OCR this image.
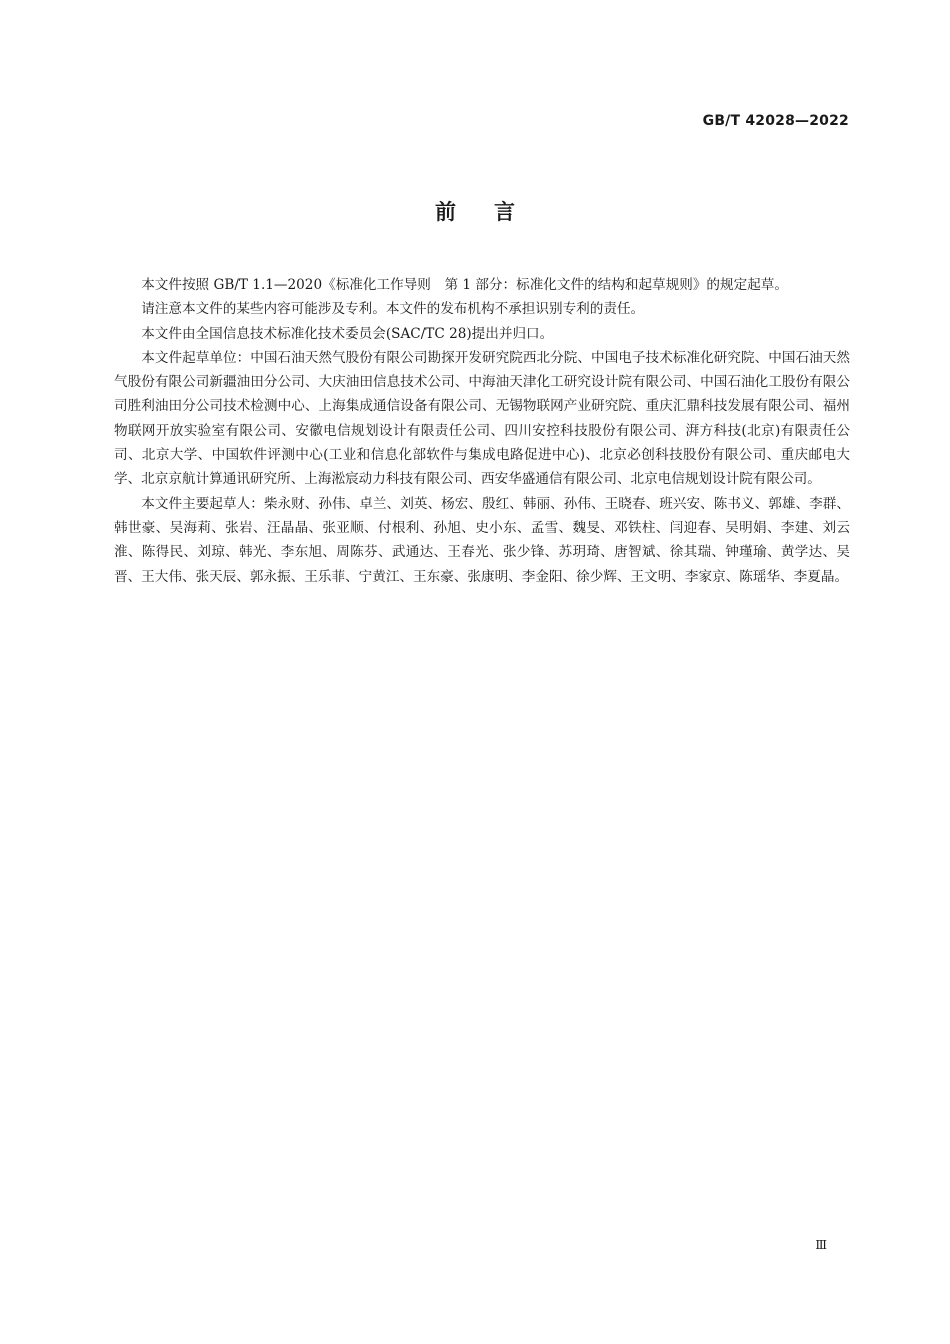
GB/T 42028—2022
前言

本文件按照 GB/T 1.1—2020《标准化工作导则　第 1 部分：标准化文件的结构和起草规则》的规定起草。

请注意本文件的某些内容可能涉及专利。本文件的发布机构不承担识别专利的责任。

本文件由全国信息技术标准化技术委员会(SAC/TC 28)提出并归口。

本文件起草单位：中国石油天然气股份有限公司勘探开发研究院西北分院、中国电子技术标准化研究院、中国石油天然气股份有限公司新疆油田分公司、大庆油田信息技术公司、中海油天津化工研究设计院有限公司、中国石油化工股份有限公司胜利油田分公司技术检测中心、上海集成通信设备有限公司、无锡物联网产业研究院、重庆汇鼎科技发展有限公司、福州物联网开放实验室有限公司、安徽电信规划设计有限责任公司、四川安控科技股份有限公司、湃方科技(北京)有限责任公司、北京大学、中国软件评测中心(工业和信息化部软件与集成电路促进中心)、北京必创科技股份有限公司、重庆邮电大学、北京京航计算通讯研究所、上海淞宸动力科技有限公司、西安华盛通信有限公司、北京电信规划设计院有限公司。

本文件主要起草人：柴永财、孙伟、卓兰、刘英、杨宏、殷红、韩丽、孙伟、王晓春、班兴安、陈书义、郭雄、李群、韩世豪、吴海莉、张岩、汪晶晶、张亚顺、付根利、孙旭、史小东、孟雪、魏旻、邓铁柱、闫迎春、吴明娟、李建、刘云淮、陈得民、刘琼、韩光、李东旭、周陈芬、武通达、王春光、张少锋、苏玥琦、唐智斌、徐其瑞、钟瑾瑜、黄学达、吴晋、王大伟、张天辰、郭永振、王乐菲、宁黄江、王东豪、张康明、李金阳、徐少辉、王文明、李家京、陈瑶华、李夏晶。

Ⅲ
